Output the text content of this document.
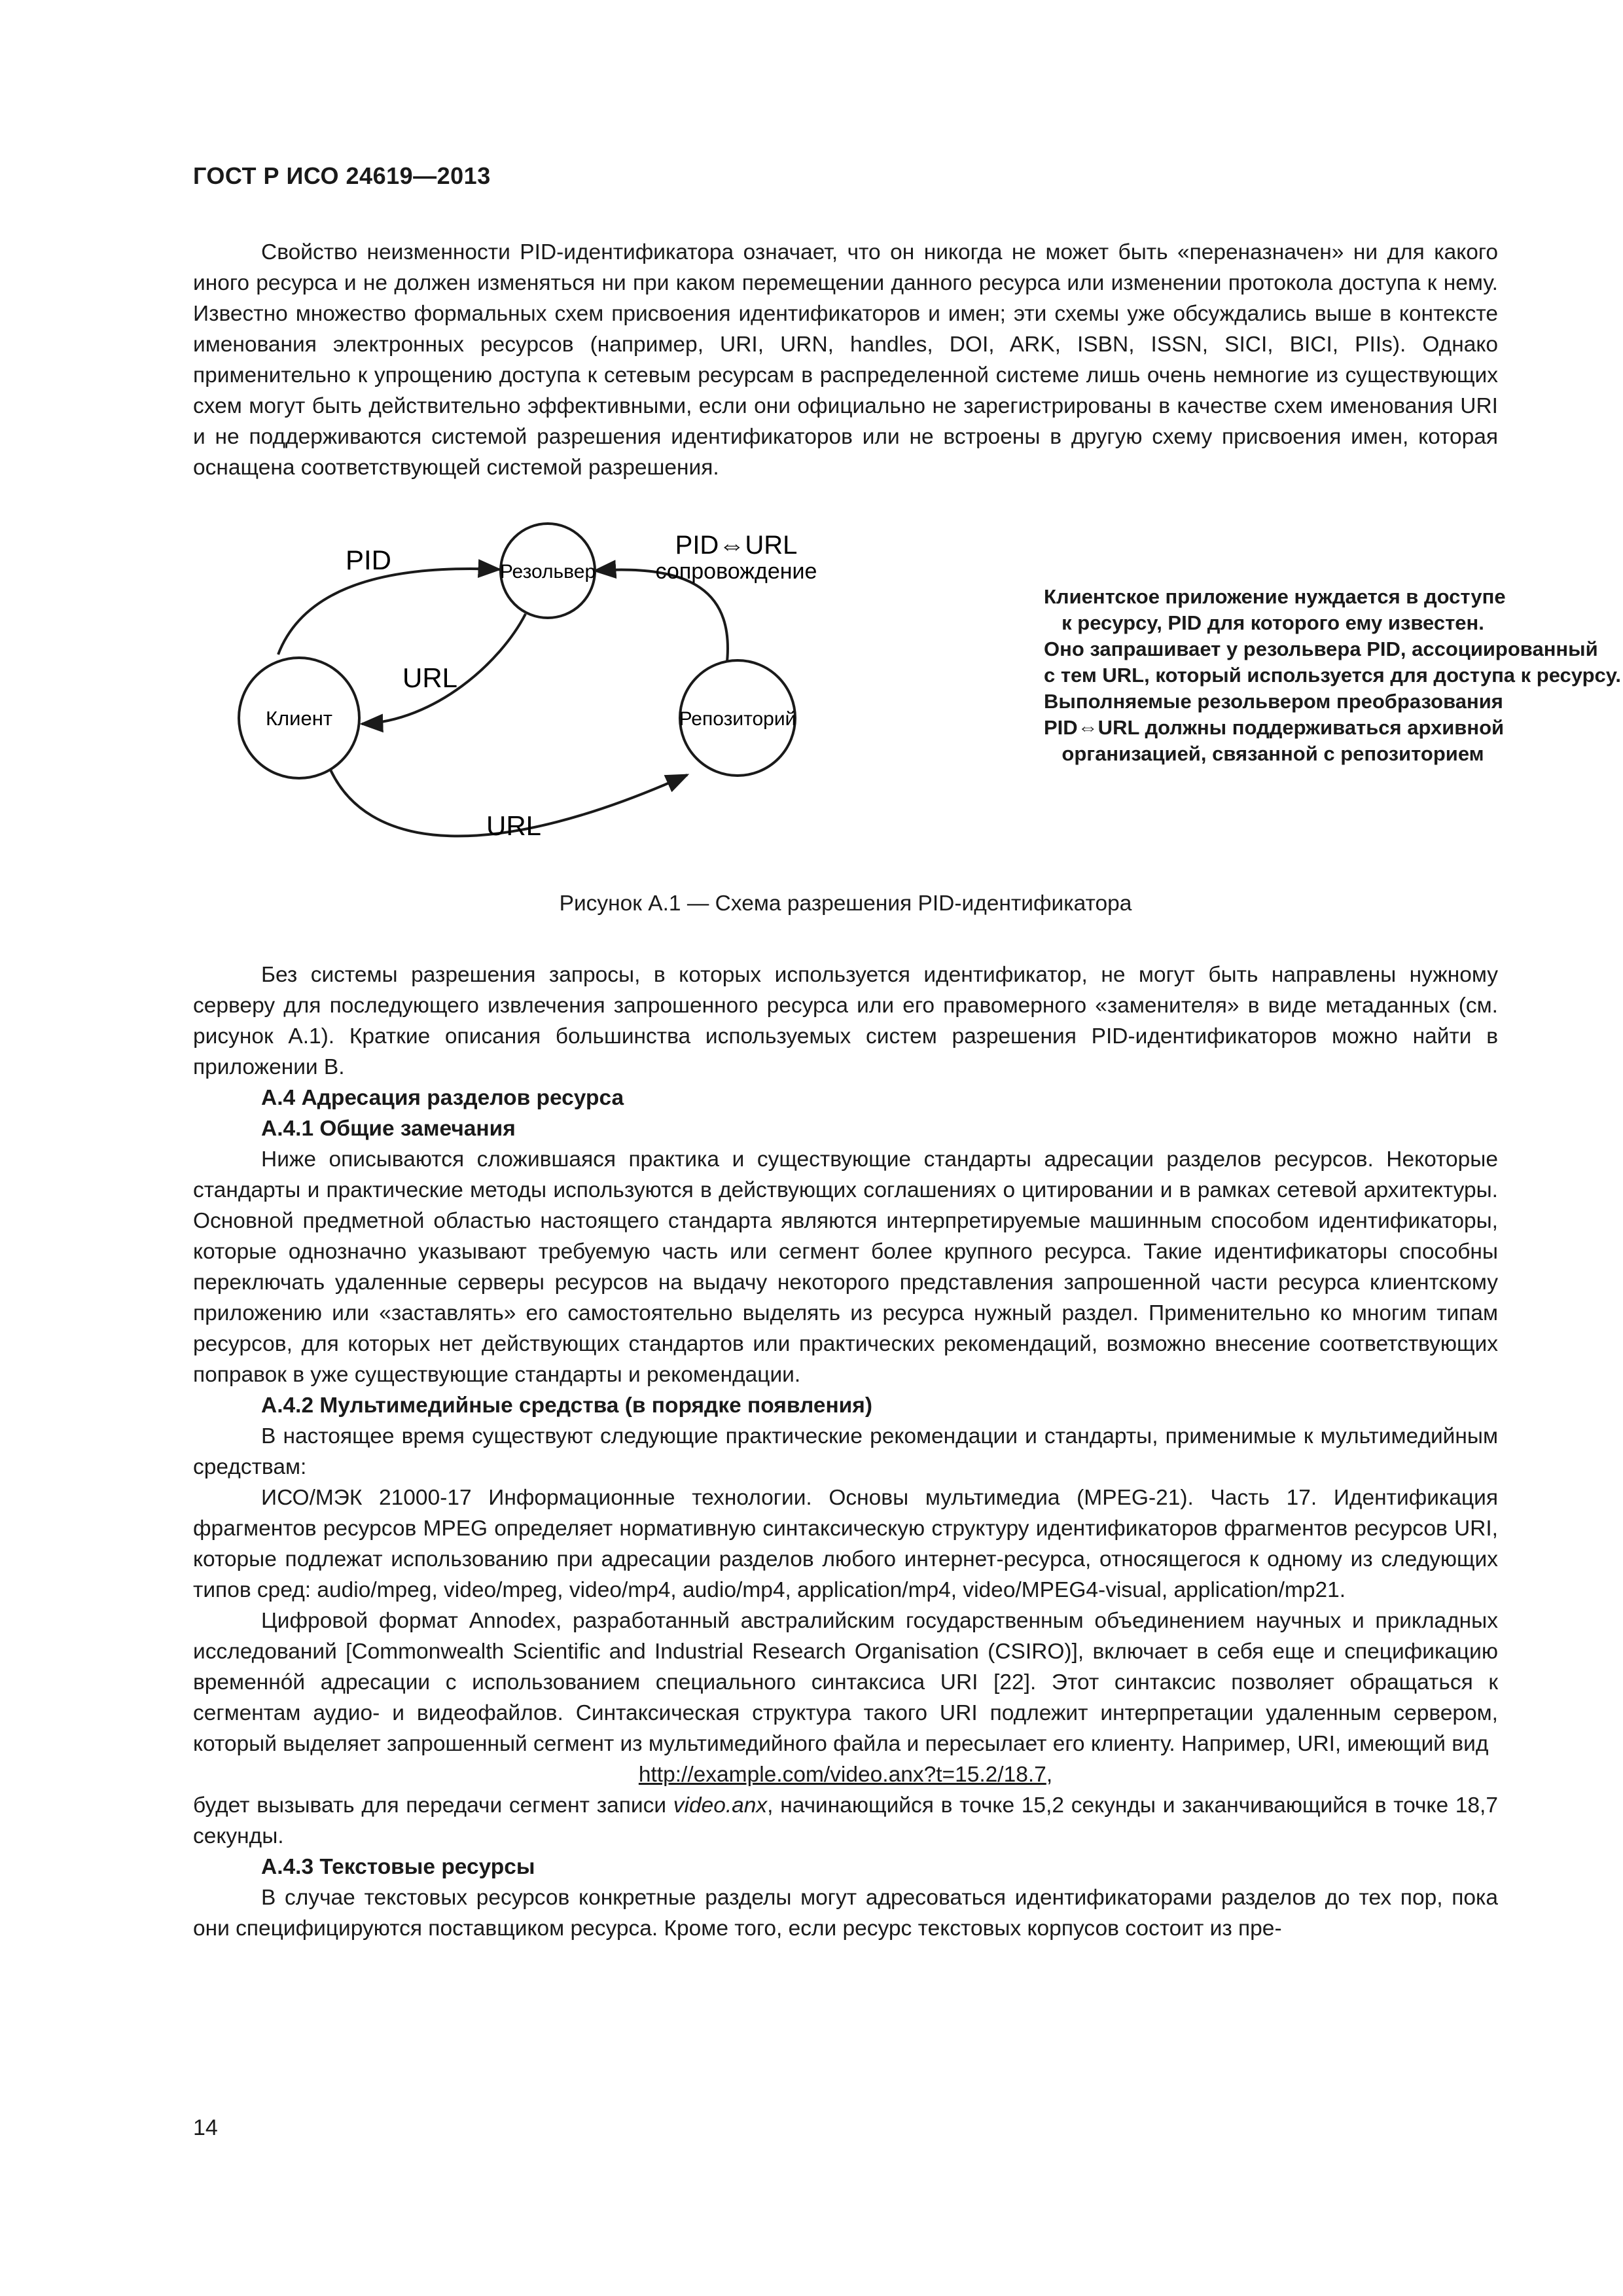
ГОСТ Р ИСО 24619—2013

Свойство неизменности PID-идентификатора означает, что он никогда не может быть «переназначен» ни для какого иного ресурса и не должен изменяться ни при каком перемещении данного ресурса или изменении протокола доступа к нему. Известно множество формальных схем присвоения идентификаторов и имен; эти схемы уже обсуждались выше в контексте именования электронных ресурсов (например, URI, URN, handles, DOI, ARK, ISBN, ISSN, SICI, BICI, PIIs). Однако применительно к упрощению доступа к сетевым ресурсам в распределенной системе лишь очень немногие из существующих схем могут быть действительно эффективными, если они официально не зарегистрированы в качестве схем именования URI и не поддерживаются системой разрешения идентификаторов или не встроены в другую схему присвоения имен, которая оснащена соответствующей системой разрешения.

Резольвер
Клиент	Репозиторий
PID
URL
URL
PID⇔URL
сопровождение
Клиентское приложение нуждается в доступе
к ресурсу, PID для которого ему известен.
Оно запрашивает у резольвера PID, ассоциированный
с тем URL, который используется для доступа к ресурсу.
Выполняемые резольвером преобразования
PID⇔URL должны поддерживаться архивной
организацией, связанной с репозиторием
Рисунок А.1 — Схема разрешения PID-идентификатора

Без системы разрешения запросы, в которых используется идентификатор, не могут быть направлены нужному серверу для последующего извлечения запрошенного ресурса или его правомерного «заменителя» в виде метаданных (см. рисунок А.1). Краткие описания большинства используемых систем разрешения PID-идентификаторов можно найти в приложении В.

А.4 Адресация разделов ресурса

А.4.1 Общие замечания

Ниже описываются сложившаяся практика и существующие стандарты адресации разделов ресурсов. Некоторые стандарты и практические методы используются в действующих соглашениях о цитировании и в рамках сетевой архитектуры. Основной предметной областью настоящего стандарта являются интерпретируемые машинным способом идентификаторы, которые однозначно указывают требуемую часть или сегмент более крупного ресурса. Такие идентификаторы способны переключать удаленные серверы ресурсов на выдачу некоторого представления запрошенной части ресурса клиентскому приложению или «заставлять» его самостоятельно выделять из ресурса нужный раздел. Применительно ко многим типам ресурсов, для которых нет действующих стандартов или практических рекомендаций, возможно внесение соответствующих поправок в уже существующие стандарты и рекомендации.

А.4.2 Мультимедийные средства (в порядке появления)

В настоящее время существуют следующие практические рекомендации и стандарты, применимые к мультимедийным средствам:

ИСО/МЭК 21000-17 Информационные технологии. Основы мультимедиа (MPEG-21). Часть 17. Идентификация фрагментов ресурсов MPEG определяет нормативную синтаксическую структуру идентификаторов фрагментов ресурсов URI, которые подлежат использованию при адресации разделов любого интернет-ресурса, относящегося к одному из следующих типов сред: audio/mpeg, video/mpeg, video/mp4, audio/mp4, application/mp4, video/MPEG4-visual, application/mp21.

Цифровой формат Annodex, разработанный австралийским государственным объединением научных и прикладных исследований [Commonwealth Scientific and Industrial Research Organisation (CSIRO)], включает в себя еще и спецификацию временнóй адресации с использованием специального синтаксиса URI [22]. Этот синтаксис позволяет обращаться к сегментам аудио- и видеофайлов. Синтаксическая структура такого URI подлежит интерпретации удаленным сервером, который выделяет запрошенный сегмент из мультимедийного файла и пересылает его клиенту. Например, URI, имеющий вид

http://example.com/video.anx?t=15.2/18.7,

будет вызывать для передачи сегмент записи video.anx, начинающийся в точке 15,2 секунды и заканчивающийся в точке 18,7 секунды.

А.4.3 Текстовые ресурсы

В случае текстовых ресурсов конкретные разделы могут адресоваться идентификаторами разделов до тех пор, пока они специфицируются поставщиком ресурса. Кроме того, если ресурс текстовых корпусов состоит из пре-

14
